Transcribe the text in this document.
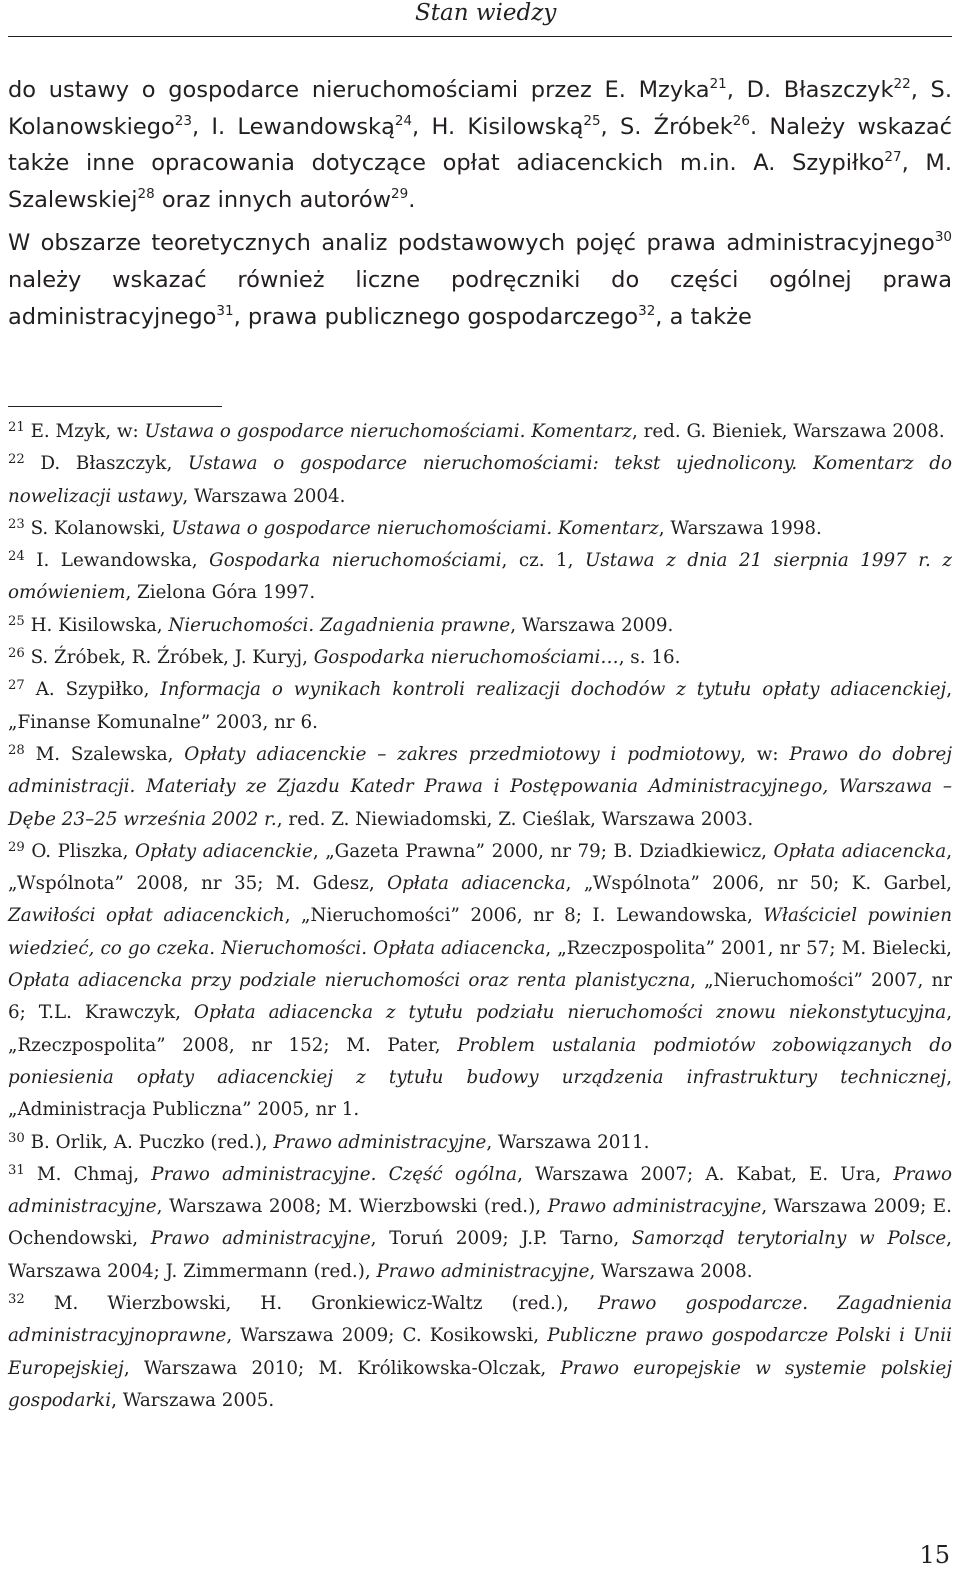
Stan wiedzy

do ustawy o gospodarce nieruchomościami przez E. Mzyka$^{21}$, D. Błaszczyk$^{22}$, S. Kolanowskiego$^{23}$, I. Lewandowską$^{24}$, H. Kisilowską$^{25}$, S. Źróbek$^{26}$. Należy wskazać także inne opracowania dotyczące opłat adiacenckich m.in. A. Szypiłko$^{27}$, M. Szalewskiej$^{28}$ oraz innych autorów$^{29}$.

W obszarze teoretycznych analiz podstawowych pojęć prawa administracyjnego$^{30}$ należy wskazać również liczne podręczniki do części ogólnej prawa administracyjnego$^{31}$, prawa publicznego gospodarczego$^{32}$, a także

$^{21}$ E. Mzyk, w: Ustawa o gospodarce nieruchomościami. Komentarz, red. G. Bieniek, Warszawa 2008.

$^{22}$ D. Błaszczyk, Ustawa o gospodarce nieruchomościami: tekst ujednolicony. Komentarz do nowelizacji ustawy, Warszawa 2004.

$^{23}$ S. Kolanowski, Ustawa o gospodarce nieruchomościami. Komentarz, Warszawa 1998.

$^{24}$ I. Lewandowska, Gospodarka nieruchomościami, cz. 1, Ustawa z dnia 21 sierpnia 1997 r. z omówieniem, Zielona Góra 1997.

$^{25}$ H. Kisilowska, Nieruchomości. Zagadnienia prawne, Warszawa 2009.

$^{26}$ S. Źróbek, R. Źróbek, J. Kuryj, Gospodarka nieruchomościami…, s. 16.

$^{27}$ A. Szypiłko, Informacja o wynikach kontroli realizacji dochodów z tytułu opłaty adiacenckiej, „Finanse Komunalne” 2003, nr 6.

$^{28}$ M. Szalewska, Opłaty adiacenckie – zakres przedmiotowy i podmiotowy, w: Prawo do dobrej administracji. Materiały ze Zjazdu Katedr Prawa i Postępowania Administracyjnego, Warszawa – Dębe 23–25 września 2002 r., red. Z. Niewiadomski, Z. Cieślak, Warszawa 2003.

$^{29}$ O. Pliszka, Opłaty adiacenckie, „Gazeta Prawna” 2000, nr 79; B. Dziadkiewicz, Opłata adiacencka, „Wspólnota” 2008, nr 35; M. Gdesz, Opłata adiacencka, „Wspólnota” 2006, nr 50; K. Garbel, Zawiłości opłat adiacenckich, „Nieruchomości” 2006, nr 8; I. Lewandowska, Właściciel powinien wiedzieć, co go czeka. Nieruchomości. Opłata adiacencka, „Rzeczpospolita” 2001, nr 57; M. Bielecki, Opłata adiacencka przy podziale nieruchomości oraz renta planistyczna, „Nieruchomości” 2007, nr 6; T.L. Krawczyk, Opłata adiacencka z tytułu podziału nieruchomości znowu niekonstytucyjna, „Rzeczpospolita” 2008, nr 152; M. Pater, Problem ustalania podmiotów zobowiązanych do poniesienia opłaty adiacenckiej z tytułu budowy urządzenia infrastruktury technicznej, „Administracja Publiczna” 2005, nr 1.

$^{30}$ B. Orlik, A. Puczko (red.), Prawo administracyjne, Warszawa 2011.

$^{31}$ M. Chmaj, Prawo administracyjne. Część ogólna, Warszawa 2007; A. Kabat, E. Ura, Prawo administracyjne, Warszawa 2008; M. Wierzbowski (red.), Prawo administracyjne, Warszawa 2009; E. Ochendowski, Prawo administracyjne, Toruń 2009; J.P. Tarno, Samorząd terytorialny w Polsce, Warszawa 2004; J. Zimmermann (red.), Prawo administracyjne, Warszawa 2008.

$^{32}$ M. Wierzbowski, H. Gronkiewicz-Waltz (red.), Prawo gospodarcze. Zagadnienia administracyjnoprawne, Warszawa 2009; C. Kosikowski, Publiczne prawo gospodarcze Polski i Unii Europejskiej, Warszawa 2010; M. Królikowska-Olczak, Prawo europejskie w systemie polskiej gospodarki, Warszawa 2005.

15
